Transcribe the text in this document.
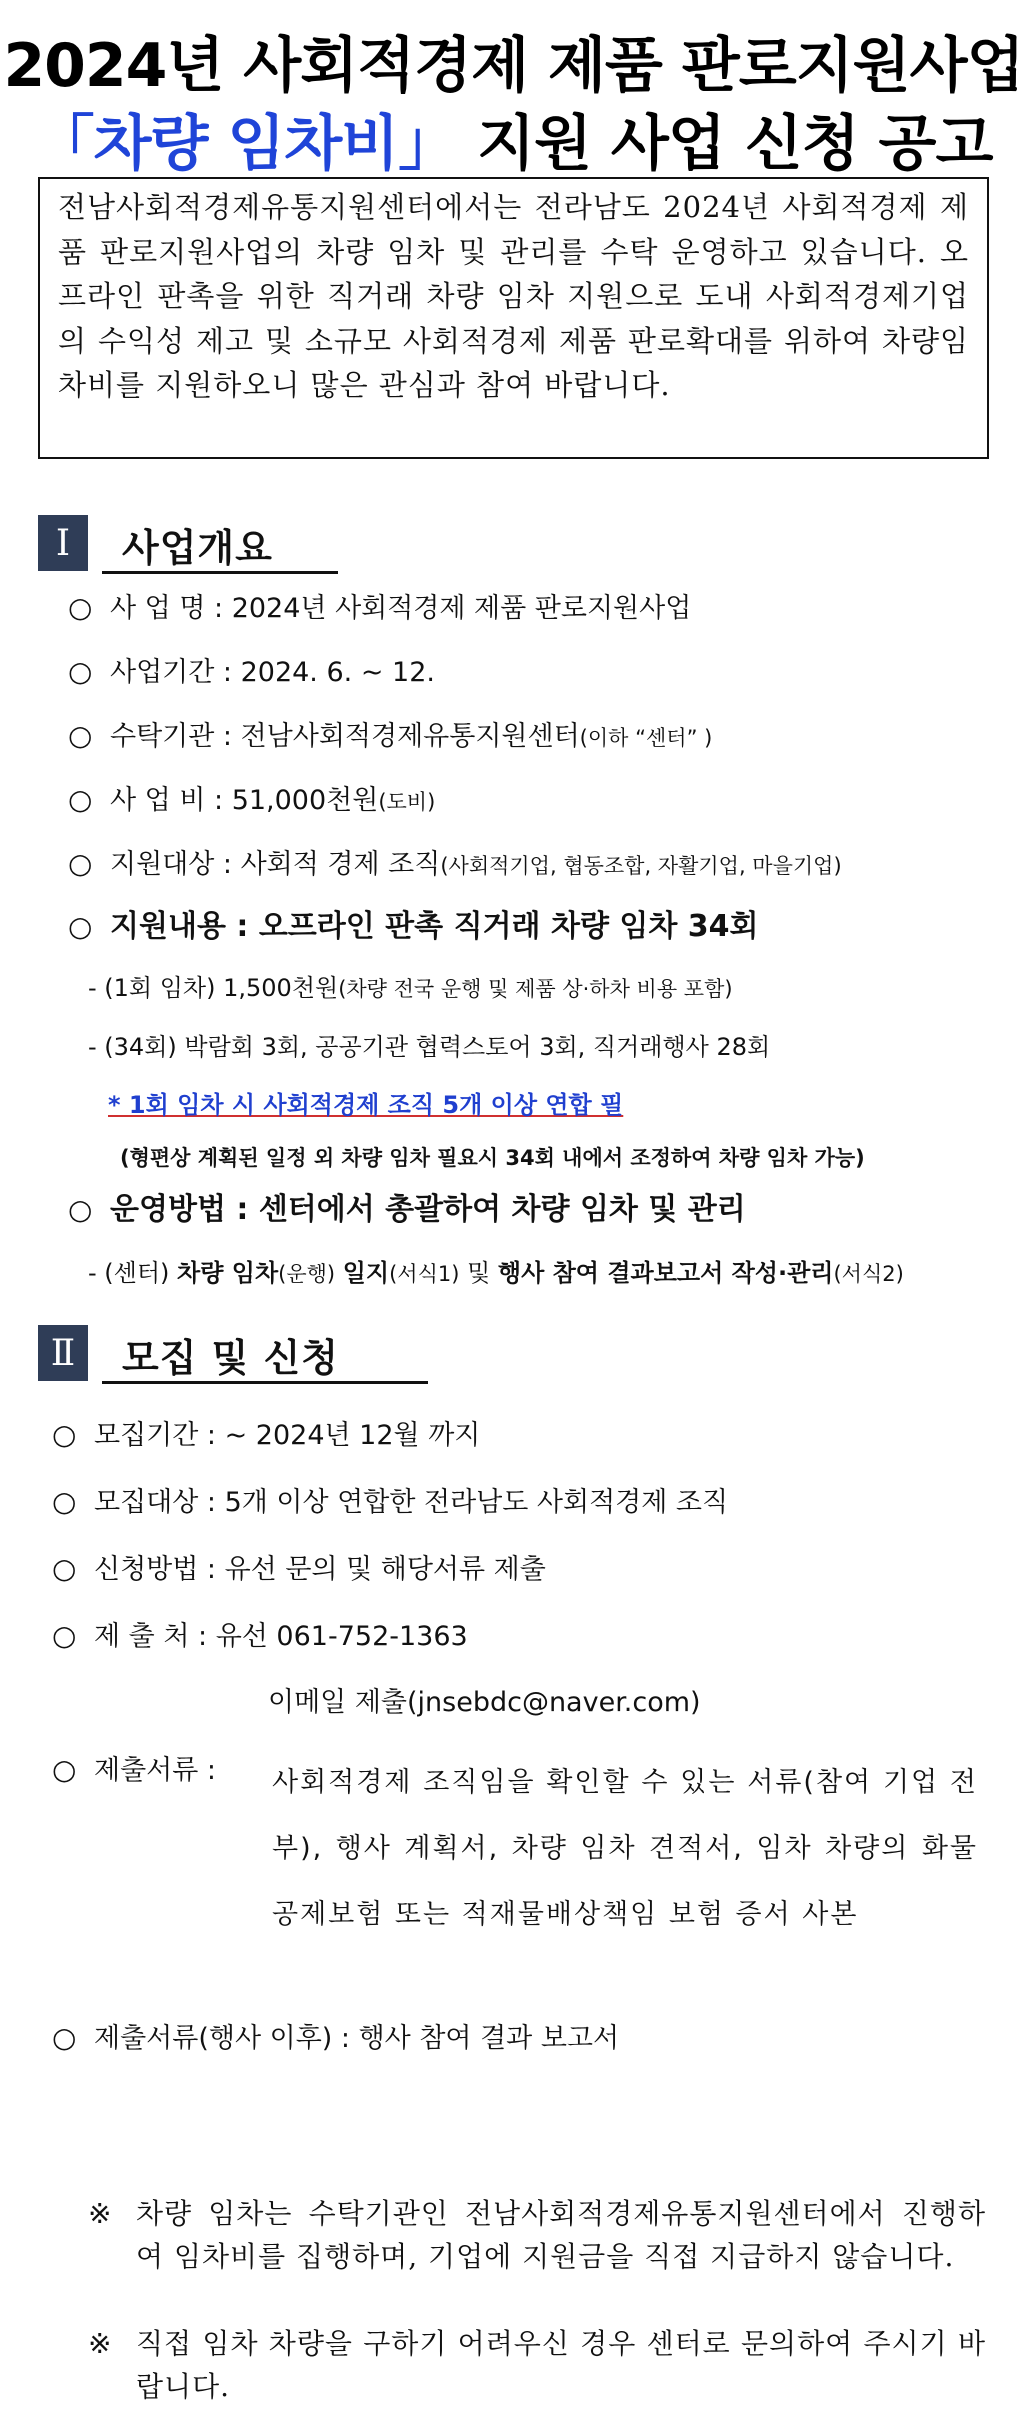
2024년 사회적경제 제품 판로지원사업
「차량 임차비」 지원 사업 신청 공고
전남사회적경제유통지원센터에서는 전라남도 2024년 사회적경제 제품 판로지원사업의 차량 임차 및 관리를 수탁 운영하고 있습니다. 오프라인 판촉을 위한 직거래 차량 임차 지원으로 도내 사회적경제기업의 수익성 제고 및 소규모 사회적경제 제품 판로확대를 위하여 차량임차비를 지원하오니 많은 관심과 참여 바랍니다.
Ⅰ	사업개요
○ 사 업 명 : 2024년 사회적경제 제품 판로지원사업
○ 사업기간 : 2024. 6. ~ 12.
○ 수탁기관 : 전남사회적경제유통지원센터(이하 “센터” )
○ 사 업 비 : 51,000천원(도비)
○ 지원대상 : 사회적 경제 조직(사회적기업, 협동조합, 자활기업, 마을기업)
○ 지원내용 : 오프라인 판촉 직거래 차량 임차 34회
- (1회 임차) 1,500천원(차량 전국 운행 및 제품 상·하차 비용 포함)
- (34회) 박람회 3회, 공공기관 협력스토어 3회, 직거래행사 28회
* 1회 임차 시 사회적경제 조직 5개 이상 연합 필
(형편상 계획된 일정 외 차량 임차 필요시 34회 내에서 조정하여 차량 임차 가능)
○ 운영방법 : 센터에서 총괄하여 차량 임차 및 관리
- (센터) 차량 임차(운행) 일지(서식1) 및 행사 참여 결과보고서 작성·관리(서식2)
Ⅱ	모집 및 신청
○ 모집기간 : ~ 2024년 12월 까지
○ 모집대상 : 5개 이상 연합한 전라남도 사회적경제 조직
○ 신청방법 : 유선 문의 및 해당서류 제출
○ 제 출 처 : 유선 061-752-1363
이메일 제출(jnsebdc@naver.com)
○ 제출서류 : 사회적경제 조직임을 확인할 수 있는 서류(참여 기업 전부), 행사 계획서, 차량 임차 견적서, 임차 차량의 화물공제보험 또는 적재물배상책임 보험 증서 사본
○ 제출서류(행사 이후) : 행사 참여 결과 보고서
※ 차량 임차는 수탁기관인 전남사회적경제유통지원센터에서 진행하여 임차비를 집행하며, 기업에 지원금을 직접 지급하지 않습니다.
※ 직접 임차 차량을 구하기 어려우신 경우 센터로 문의하여 주시기 바랍니다.
